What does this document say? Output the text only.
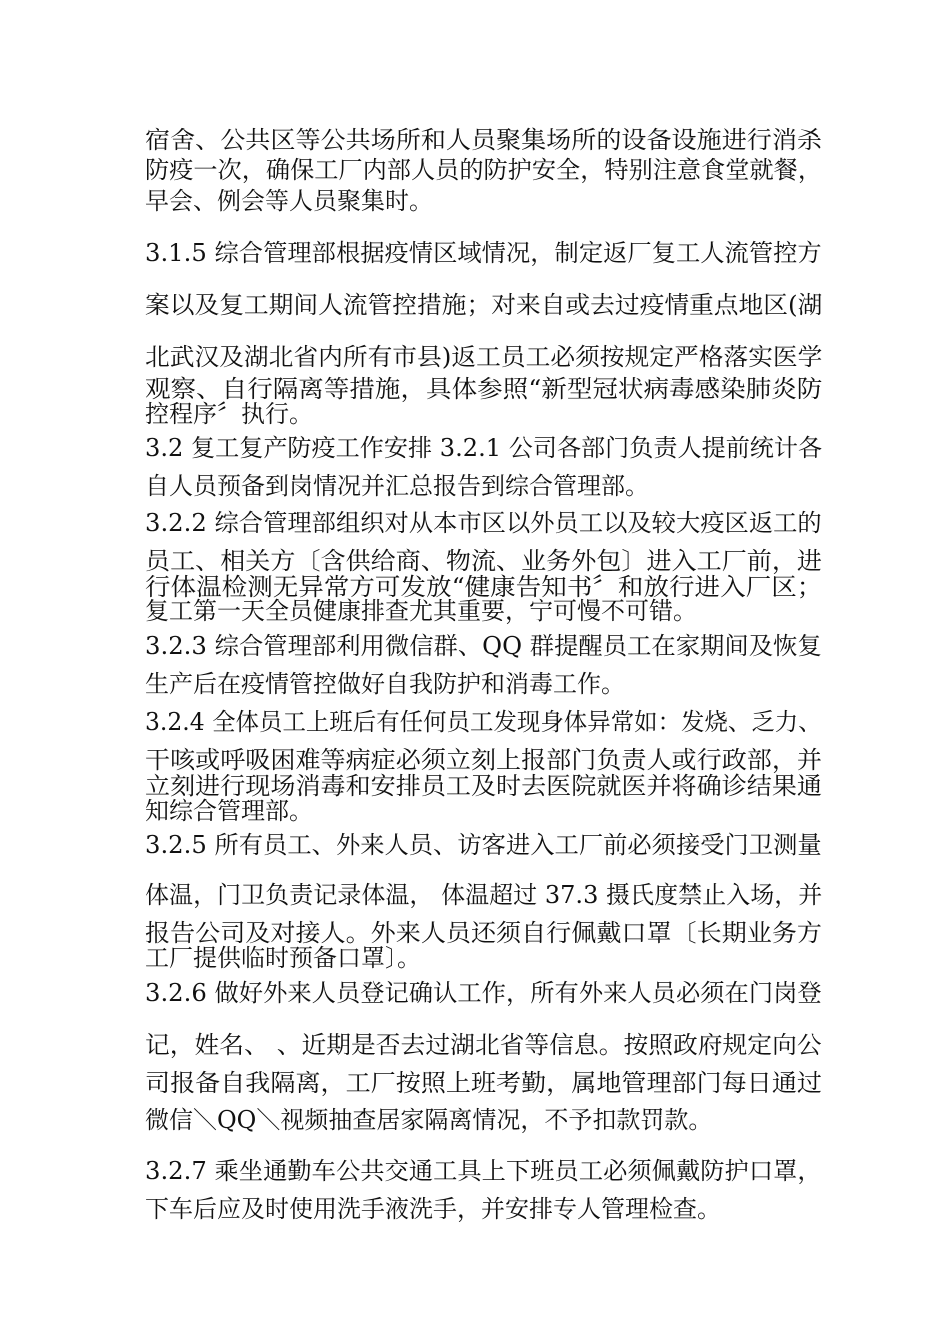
宿舍、公共区等公共场所和人员聚集场所的设备设施进行消杀
防疫一次，确保工厂内部人员的防护安全，特别注意食堂就餐，
早会、例会等人员聚集时。
3.1.5 综合管理部根据疫情区域情况，制定返厂复工人流管控方
案以及复工期间人流管控措施；对来自或去过疫情重点地区(湖
北武汉及湖北省内所有市县)返工员工必须按规定严格落实医学
观察、自行隔离等措施，具体参照“新型冠状病毒感染肺炎防
控程序〞执行。
3.2 复工复产防疫工作安排 3.2.1 公司各部门负责人提前统计各
自人员预备到岗情况并汇总报告到综合管理部。
3.2.2 综合管理部组织对从本市区以外员工以及较大疫区返工的
员工、相关方〔含供给商、物流、业务外包〕进入工厂前，进
行体温检测无异常方可发放“健康告知书〞和放行进入厂区；
复工第一天全员健康排查尤其重要，宁可慢不可错。
3.2.3 综合管理部利用微信群、QQ 群提醒员工在家期间及恢复
生产后在疫情管控做好自我防护和消毒工作。
3.2.4 全体员工上班后有任何员工发现身体异常如：发烧、乏力、
干咳或呼吸困难等病症必须立刻上报部门负责人或行政部，并
立刻进行现场消毒和安排员工及时去医院就医并将确诊结果通
知综合管理部。
3.2.5 所有员工、外来人员、访客进入工厂前必须接受门卫测量
体温，门卫负责记录体温， 体温超过 37.3 摄氏度禁止入场，并
报告公司及对接人。外来人员还须自行佩戴口罩〔长期业务方
工厂提供临时预备口罩〕。
3.2.6 做好外来人员登记确认工作，所有外来人员必须在门岗登
记，姓名、 、近期是否去过湖北省等信息。按照政府规定向公
司报备自我隔离，工厂按照上班考勤，属地管理部门每日通过
微信＼QQ＼视频抽查居家隔离情况，不予扣款罚款。
3.2.7 乘坐通勤车公共交通工具上下班员工必须佩戴防护口罩，
下车后应及时使用洗手液洗手，并安排专人管理检查。
